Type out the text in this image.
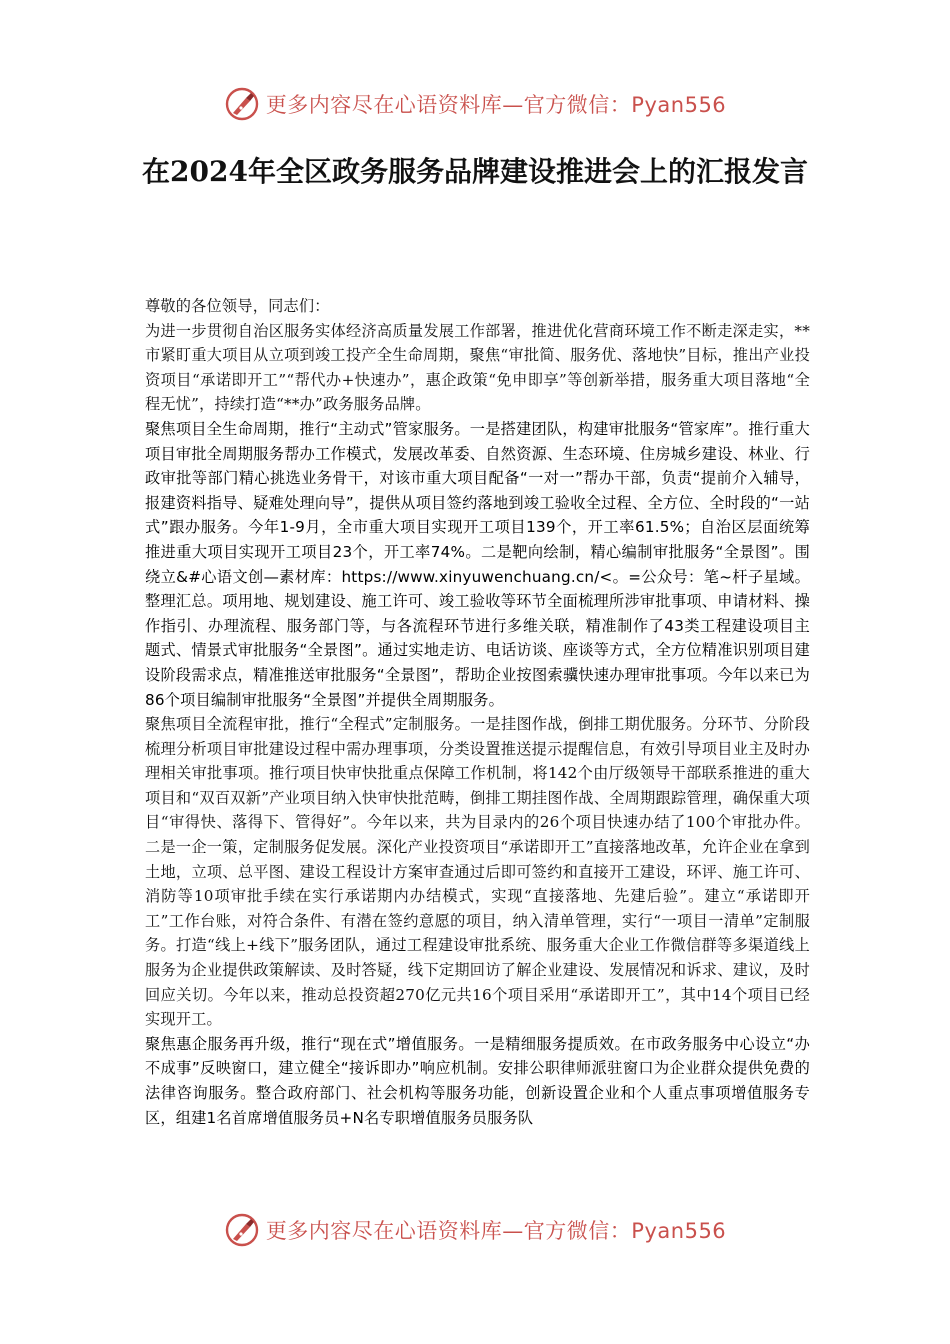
更多内容尽在心语资料库—官方微信：Pyan556
在2024年全区政务服务品牌建设推进会上的汇报发言

尊敬的各位领导，同志们：

为进一步贯彻自治区服务实体经济高质量发展工作部署，推进优化营商环境工作不断走深走实，**市紧盯重大项目从立项到竣工投产全生命周期，聚焦“审批简、服务优、落地快”目标，推出产业投资项目“承诺即开工”“帮代办+快速办”，惠企政策“免申即享”等创新举措，服务重大项目落地“全程无忧”，持续打造“**办”政务服务品牌。

聚焦项目全生命周期，推行“主动式”管家服务。一是搭建团队，构建审批服务“管家库”。推行重大项目审批全周期服务帮办工作模式，发展改革委、自然资源、生态环境、住房城乡建设、林业、行政审批等部门精心挑选业务骨干，对该市重大项目配备“一对一”帮办干部，负责“提前介入辅导，报建资料指导、疑难处理向导”，提供从项目签约落地到竣工验收全过程、全方位、全时段的“一站式”跟办服务。今年1-9月，全市重大项目实现开工项目139个，开工率61.5%；自治区层面统筹推进重大项目实现开工项目23个，开工率74%。二是靶向绘制，精心编制审批服务“全景图”。围绕立&#心语文创—素材库：https://www.xinyuwenchuang.cn/<。=公众号：笔~杆子星域。整理汇总。项用地、规划建设、施工许可、竣工验收等环节全面梳理所涉审批事项、申请材料、操作指引、办理流程、服务部门等，与各流程环节进行多维关联，精准制作了43类工程建设项目主题式、情景式审批服务“全景图”。通过实地走访、电话访谈、座谈等方式，全方位精准识别项目建设阶段需求点，精准推送审批服务“全景图”，帮助企业按图索骥快速办理审批事项。今年以来已为86个项目编制审批服务“全景图”并提供全周期服务。

聚焦项目全流程审批，推行“全程式”定制服务。一是挂图作战，倒排工期优服务。分环节、分阶段梳理分析项目审批建设过程中需办理事项，分类设置推送提示提醒信息，有效引导项目业主及时办理相关审批事项。推行项目快审快批重点保障工作机制，将142个由厅级领导干部联系推进的重大项目和“双百双新”产业项目纳入快审快批范畴，倒排工期挂图作战、全周期跟踪管理，确保重大项目“审得快、落得下、管得好”。今年以来，共为目录内的26个项目快速办结了100个审批办件。二是一企一策，定制服务促发展。深化产业投资项目“承诺即开工”直接落地改革，允许企业在拿到土地，立项、总平图、建设工程设计方案审查通过后即可签约和直接开工建设，环评、施工许可、消防等10项审批手续在实行承诺期内办结模式，实现“直接落地、先建后验”。建立“承诺即开工”工作台账，对符合条件、有潜在签约意愿的项目，纳入清单管理，实行“一项目一清单”定制服务。打造“线上+线下”服务团队，通过工程建设审批系统、服务重大企业工作微信群等多渠道线上服务为企业提供政策解读、及时答疑，线下定期回访了解企业建设、发展情况和诉求、建议，及时回应关切。今年以来，推动总投资超270亿元共16个项目采用“承诺即开工”，其中14个项目已经实现开工。

聚焦惠企服务再升级，推行“现在式”增值服务。一是精细服务提质效。在市政务服务中心设立“办不成事”反映窗口，建立健全“接诉即办”响应机制。安排公职律师派驻窗口为企业群众提供免费的法律咨询服务。整合政府部门、社会机构等服务功能，创新设置企业和个人重点事项增值服务专区，组建1名首席增值服务员+N名专职增值服务员服务队

更多内容尽在心语资料库—官方微信：Pyan556
